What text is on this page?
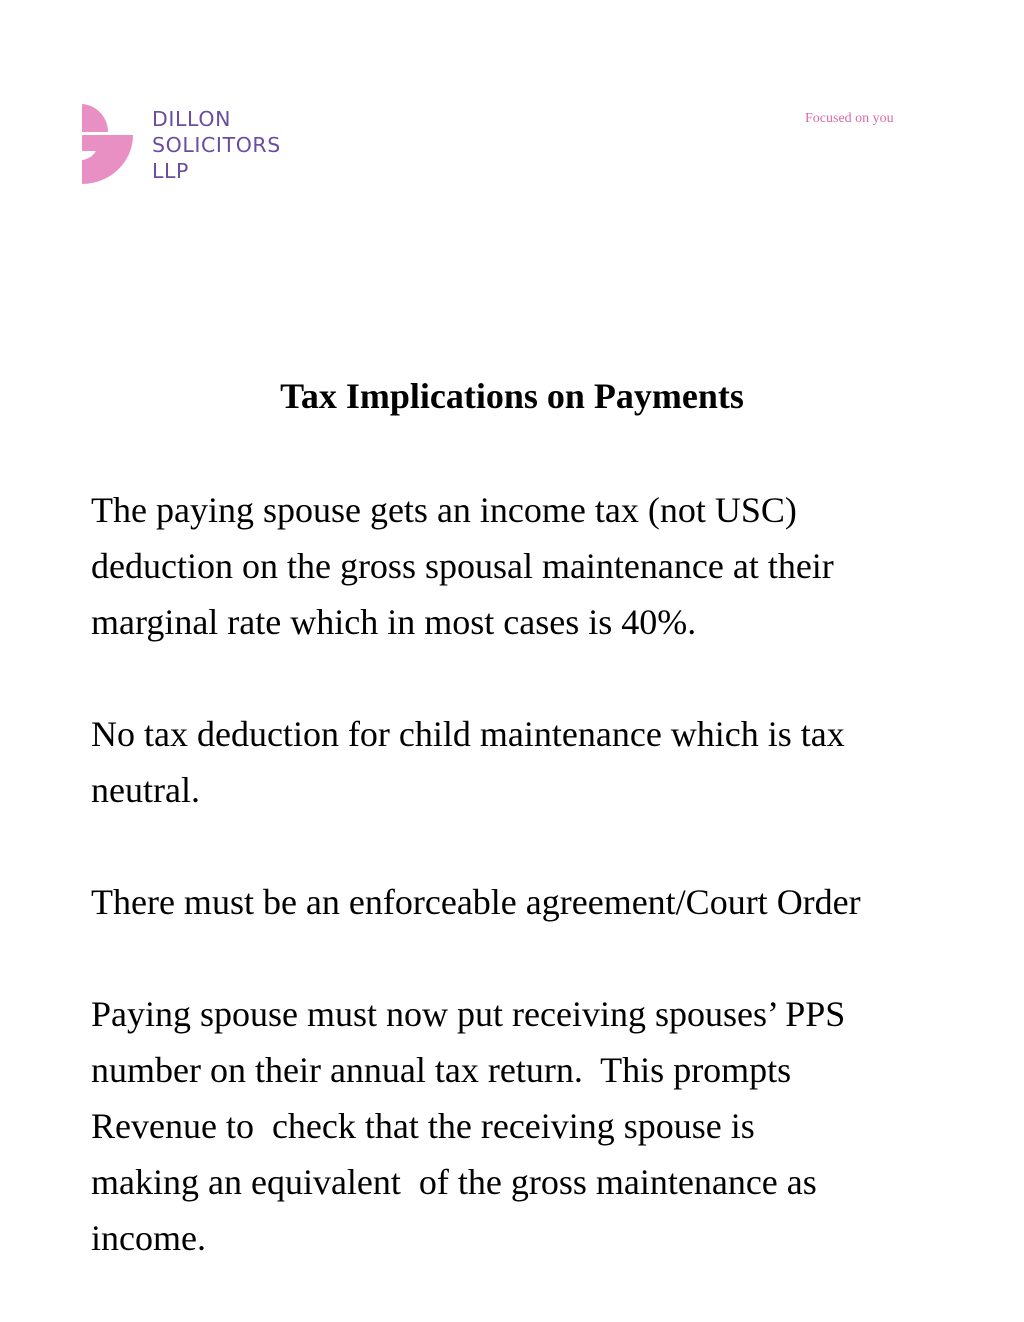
DILLON
SOLICITORS
LLP
Focused on you
Tax Implications on Payments

The paying spouse gets an income tax (not USC)
deduction on the gross spousal maintenance at their
marginal rate which in most cases is 40%.

No tax deduction for child maintenance which is tax
neutral.

There must be an enforceable agreement/Court Order

Paying spouse must now put receiving spouses’ PPS
number on their annual tax return.  This prompts
Revenue to  check that the receiving spouse is
making an equivalent  of the gross maintenance as
income.
